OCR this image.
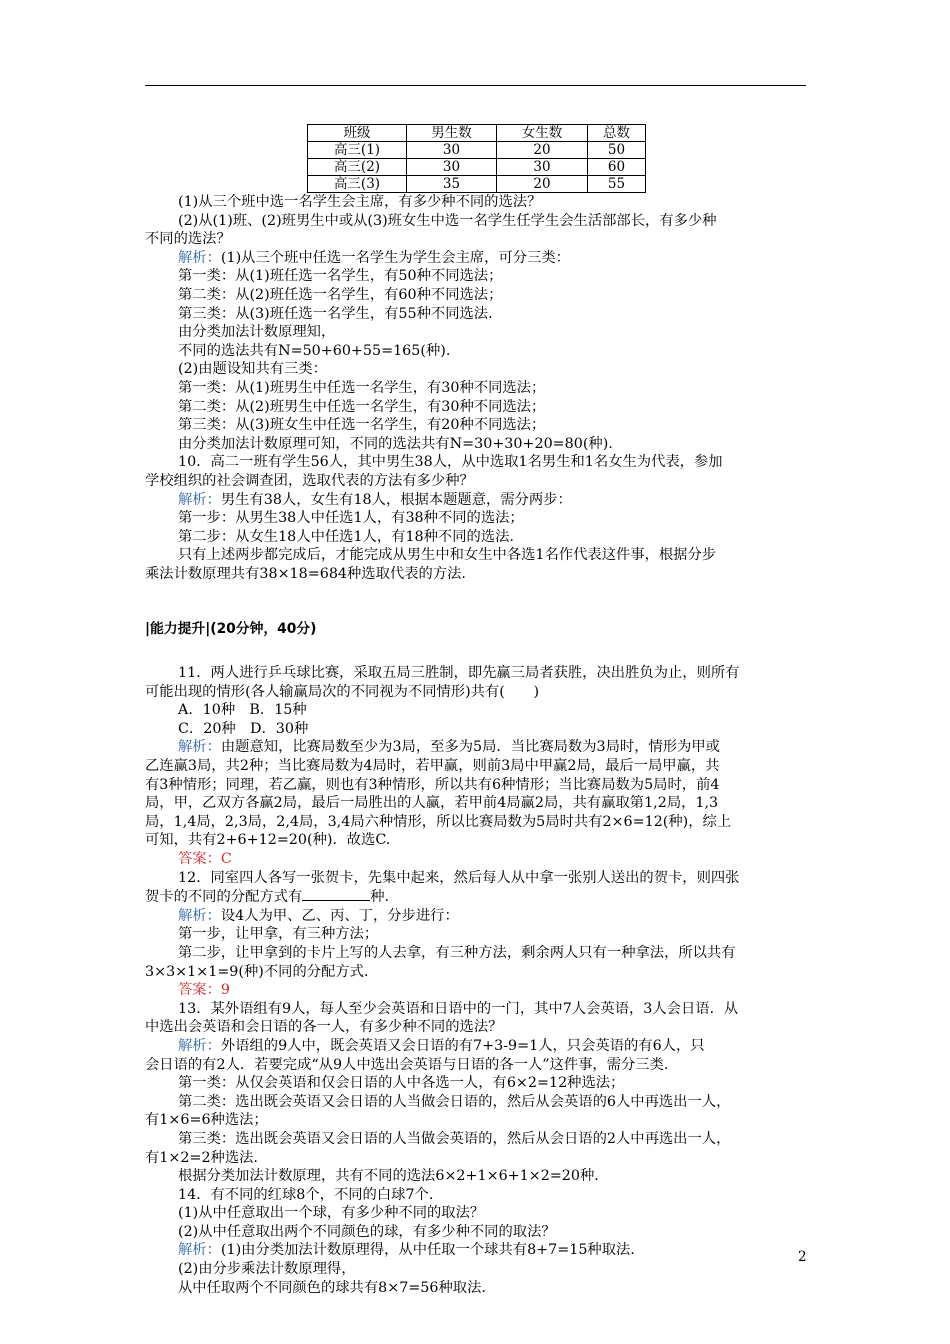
班级	男生数	女生数	总数
高三(1)	30	20	50
高三(2)	30	30	60
高三(3)	35	20	55

(1)从三个班中选一名学生会主席，有多少种不同的选法？

(2)从(1)班、(2)班男生中或从(3)班女生中选一名学生任学生会生活部部长，有多少种

不同的选法？

解析：(1)从三个班中任选一名学生为学生会主席，可分三类：

第一类：从(1)班任选一名学生，有50种不同选法；

第二类：从(2)班任选一名学生，有60种不同选法；

第三类：从(3)班任选一名学生，有55种不同选法.

由分类加法计数原理知，

不同的选法共有N=50+60+55=165(种).

(2)由题设知共有三类：

第一类：从(1)班男生中任选一名学生，有30种不同选法；

第二类：从(2)班男生中任选一名学生，有30种不同选法；

第三类：从(3)班女生中任选一名学生，有20种不同选法；

由分类加法计数原理可知，不同的选法共有N=30+30+20=80(种).

10．高二一班有学生56人，其中男生38人，从中选取1名男生和1名女生为代表，参加

学校组织的社会调查团，选取代表的方法有多少种？

解析：男生有38人，女生有18人，根据本题题意，需分两步：

第一步：从男生38人中任选1人，有38种不同的选法；

第二步：从女生18人中任选1人，有18种不同的选法.

只有上述两步都完成后，才能完成从男生中和女生中各选1名作代表这件事，根据分步

乘法计数原理共有38×18=684种选取代表的方法.

|能力提升|(20分钟，40分)

11．两人进行乒乓球比赛，采取五局三胜制，即先赢三局者获胜，决出胜负为止，则所有

可能出现的情形(各人输赢局次的不同视为不同情形)共有(　　)

A．10种　B．15种

C．20种　D．30种

解析：由题意知，比赛局数至少为3局，至多为5局．当比赛局数为3局时，情形为甲或

乙连赢3局，共2种；当比赛局数为4局时，若甲赢，则前3局中甲赢2局，最后一局甲赢，共

有3种情形；同理，若乙赢，则也有3种情形，所以共有6种情形；当比赛局数为5局时，前4

局，甲，乙双方各赢2局，最后一局胜出的人赢，若甲前4局赢2局，共有赢取第1,2局，1,3

局，1,4局，2,3局，2,4局，3,4局六种情形，所以比赛局数为5局时共有2×6=12(种)，综上

可知，共有2+6+12=20(种)．故选C.

答案：C

12．同室四人各写一张贺卡，先集中起来，然后每人从中拿一张别人送出的贺卡，则四张

贺卡的不同的分配方式有	种.

解析：设4人为甲、乙、丙、丁，分步进行：

第一步，让甲拿，有三种方法；

第二步，让甲拿到的卡片上写的人去拿，有三种方法，剩余两人只有一种拿法，所以共有

3×3×1×1=9(种)不同的分配方式.

答案：9

13．某外语组有9人，每人至少会英语和日语中的一门，其中7人会英语，3人会日语．从

中选出会英语和会日语的各一人，有多少种不同的选法？

解析：外语组的9人中，既会英语又会日语的有7+3-9=1人，只会英语的有6人，只

会日语的有2人．若要完成“从9人中选出会英语与日语的各一人”这件事，需分三类.

第一类：从仅会英语和仅会日语的人中各选一人，有6×2=12种选法；

第二类：选出既会英语又会日语的人当做会日语的，然后从会英语的6人中再选出一人，

有1×6=6种选法；

第三类：选出既会英语又会日语的人当做会英语的，然后从会日语的2人中再选出一人，

有1×2=2种选法.

根据分类加法计数原理，共有不同的选法6×2+1×6+1×2=20种.

14．有不同的红球8个，不同的白球7个.

(1)从中任意取出一个球，有多少种不同的取法？

(2)从中任意取出两个不同颜色的球，有多少种不同的取法？

解析：(1)由分类加法计数原理得，从中任取一个球共有8+7=15种取法.

(2)由分步乘法计数原理得，

从中任取两个不同颜色的球共有8×7=56种取法.

2
